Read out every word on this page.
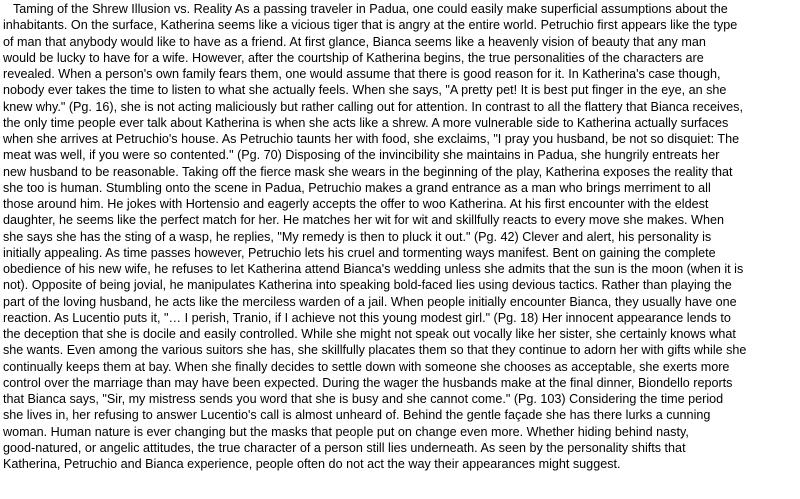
Taming of the Shrew Illusion vs. Reality As a passing traveler in Padua, one could easily make superficial assumptions about the
inhabitants. On the surface, Katherina seems like a vicious tiger that is angry at the entire world. Petruchio first appears like the type
of man that anybody would like to have as a friend. At first glance, Bianca seems like a heavenly vision of beauty that any man
would be lucky to have for a wife. However, after the courtship of Katherina begins, the true personalities of the characters are
revealed. When a person's own family fears them, one would assume that there is good reason for it. In Katherina's case though,
nobody ever takes the time to listen to what she actually feels. When she says, "A pretty pet! It is best put finger in the eye, an she
knew why." (Pg. 16), she is not acting maliciously but rather calling out for attention. In contrast to all the flattery that Bianca receives,
the only time people ever talk about Katherina is when she acts like a shrew. A more vulnerable side to Katherina actually surfaces
when she arrives at Petruchio's house. As Petruchio taunts her with food, she exclaims, "I pray you husband, be not so disquiet: The
meat was well, if you were so contented." (Pg. 70) Disposing of the invincibility she maintains in Padua, she hungrily entreats her
new husband to be reasonable. Taking off the fierce mask she wears in the beginning of the play, Katherina exposes the reality that
she too is human. Stumbling onto the scene in Padua, Petruchio makes a grand entrance as a man who brings merriment to all
those around him. He jokes with Hortensio and eagerly accepts the offer to woo Katherina. At his first encounter with the eldest
daughter, he seems like the perfect match for her. He matches her wit for wit and skillfully reacts to every move she makes. When
she says she has the sting of a wasp, he replies, "My remedy is then to pluck it out." (Pg. 42) Clever and alert, his personality is
initially appealing. As time passes however, Petruchio lets his cruel and tormenting ways manifest. Bent on gaining the complete
obedience of his new wife, he refuses to let Katherina attend Bianca's wedding unless she admits that the sun is the moon (when it is
not). Opposite of being jovial, he manipulates Katherina into speaking bold-faced lies using devious tactics. Rather than playing the
part of the loving husband, he acts like the merciless warden of a jail. When people initially encounter Bianca, they usually have one
reaction. As Lucentio puts it, "… I perish, Tranio, if I achieve not this young modest girl." (Pg. 18) Her innocent appearance lends to
the deception that she is docile and easily controlled. While she might not speak out vocally like her sister, she certainly knows what
she wants. Even among the various suitors she has, she skillfully placates them so that they continue to adorn her with gifts while she
continually keeps them at bay. When she finally decides to settle down with someone she chooses as acceptable, she exerts more
control over the marriage than may have been expected. During the wager the husbands make at the final dinner, Biondello reports
that Bianca says, "Sir, my mistress sends you word that she is busy and she cannot come." (Pg. 103) Considering the time period
she lives in, her refusing to answer Lucentio's call is almost unheard of. Behind the gentle façade she has there lurks a cunning
woman. Human nature is ever changing but the masks that people put on change even more. Whether hiding behind nasty,
good-natured, or angelic attitudes, the true character of a person still lies underneath. As seen by the personality shifts that
Katherina, Petruchio and Bianca experience, people often do not act the way their appearances might suggest.
